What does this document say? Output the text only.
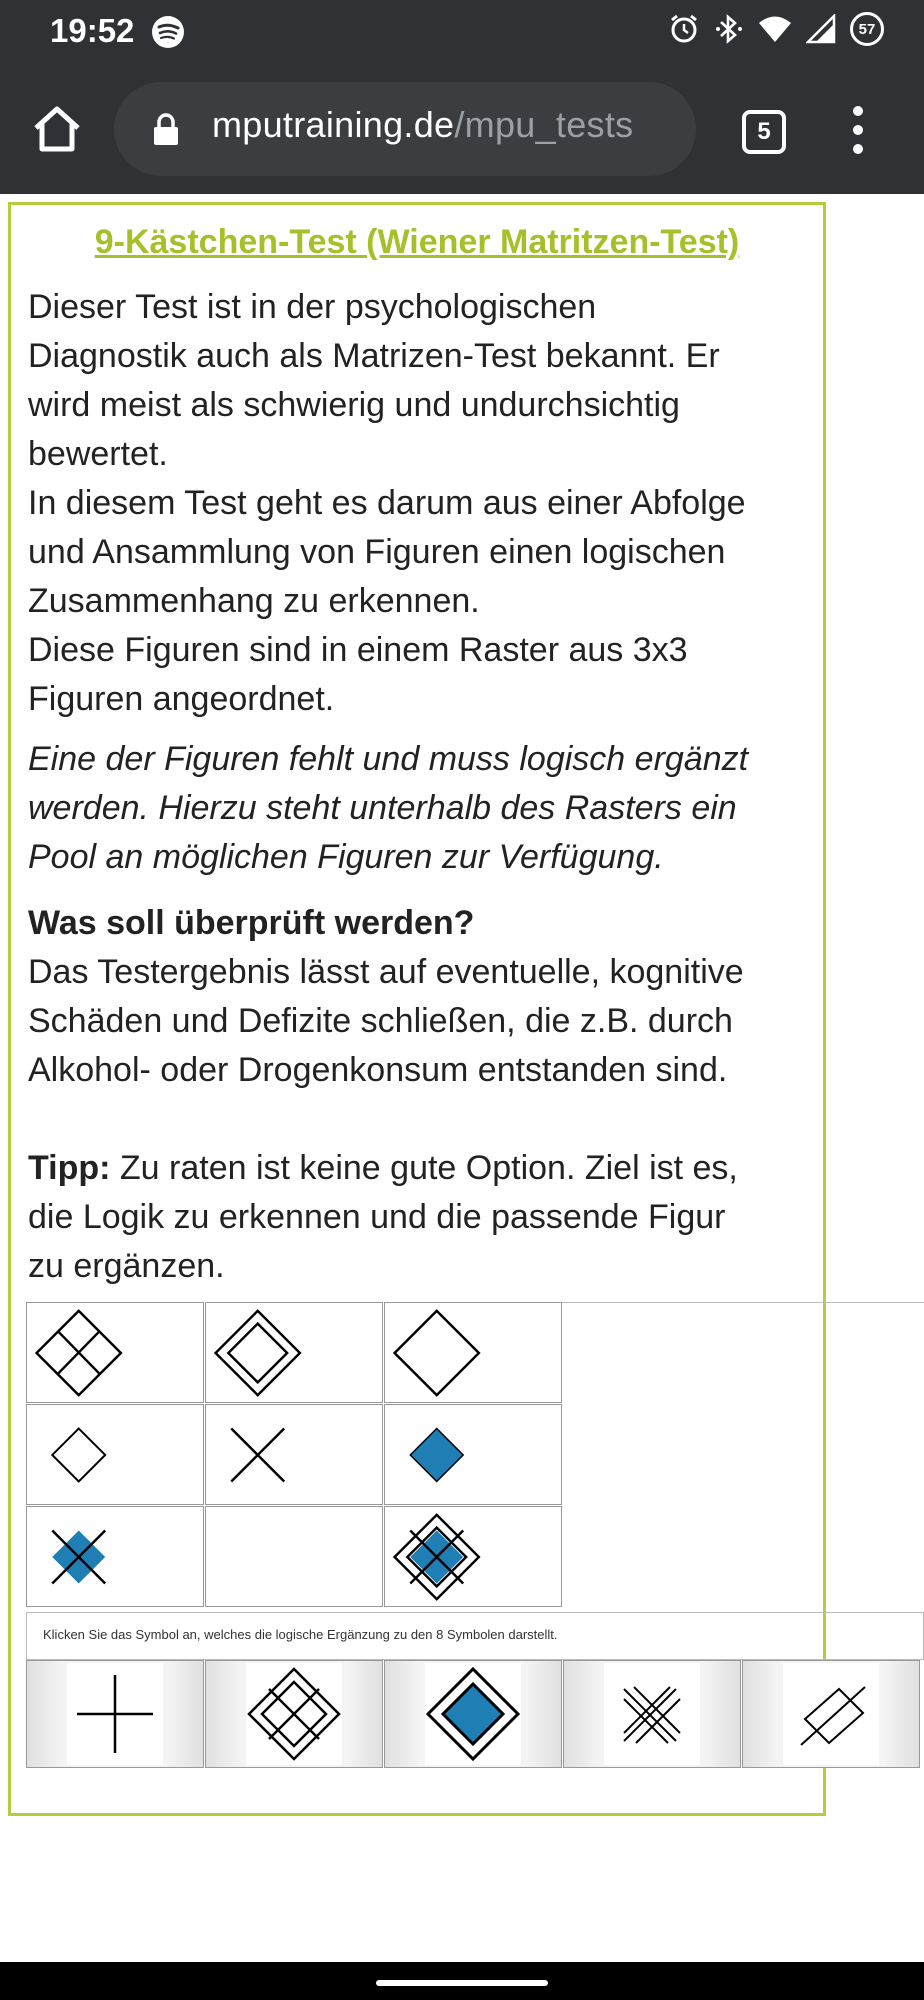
19:52	57
mputraining.de/mpu_tests	5
9-Kästchen-Test (Wiener Matritzen-Test)
Dieser Test ist in der psychologischen
Diagnostik auch als Matrizen-Test bekannt. Er
wird meist als schwierig und undurchsichtig
bewertet.
In diesem Test geht es darum aus einer Abfolge
und Ansammlung von Figuren einen logischen
Zusammenhang zu erkennen.
Diese Figuren sind in einem Raster aus 3x3
Figuren angeordnet.
Eine der Figuren fehlt und muss logisch ergänzt
werden. Hierzu steht unterhalb des Rasters ein
Pool an möglichen Figuren zur Verfügung.
Was soll überprüft werden?
Das Testergebnis lässt auf eventuelle, kognitive
Schäden und Defizite schließen, die z.B. durch
Alkohol- oder Drogenkonsum entstanden sind.
Tipp: Zu raten ist keine gute Option. Ziel ist es,
die Logik zu erkennen und die passende Figur
zu ergänzen.
Klicken Sie das Symbol an, welches die logische Ergänzung zu den 8 Symbolen darstellt.
